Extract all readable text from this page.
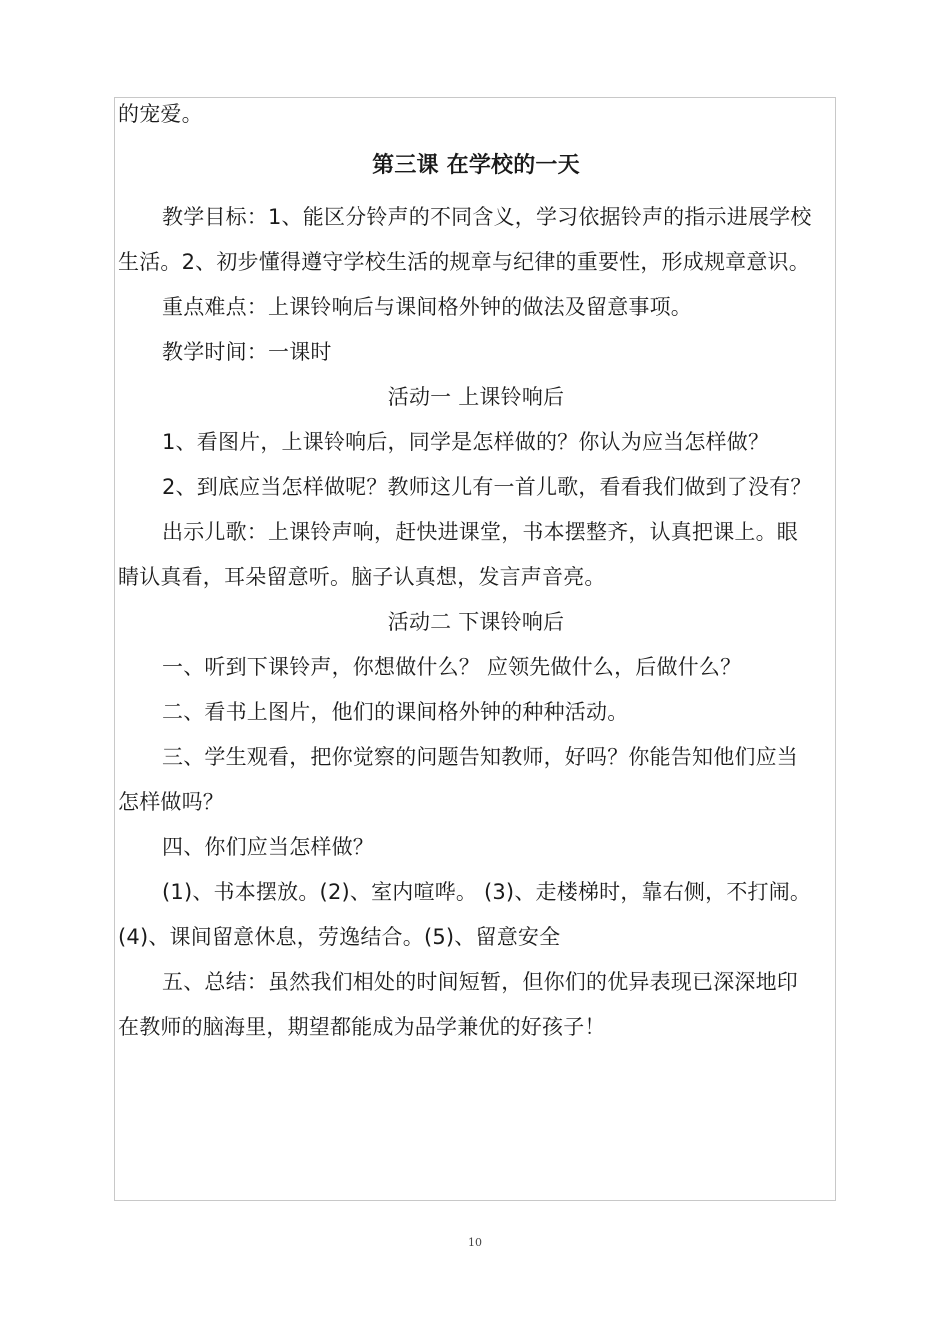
的宠爱。

第三课 在学校的一天

教学目标：1、能区分铃声的不同含义，学习依据铃声的指示进展学校

生活。2、初步懂得遵守学校生活的规章与纪律的重要性，形成规章意识。

重点难点：上课铃响后与课间格外钟的做法及留意事项。

教学时间：一课时

活动一 上课铃响后

1、看图片，上课铃响后，同学是怎样做的？你认为应当怎样做？

2、到底应当怎样做呢？教师这儿有一首儿歌，看看我们做到了没有？

出示儿歌：上课铃声响，赶快进课堂，书本摆整齐，认真把课上。眼

睛认真看，耳朵留意听。脑子认真想，发言声音亮。

活动二 下课铃响后

一、听到下课铃声，你想做什么？ 应领先做什么，后做什么？

二、看书上图片，他们的课间格外钟的种种活动。

三、学生观看，把你觉察的问题告知教师，好吗？你能告知他们应当

怎样做吗？

四、你们应当怎样做？

(1)、书本摆放。(2)、室内喧哗。 (3)、走楼梯时，靠右侧，不打闹。

(4)、课间留意休息，劳逸结合。(5)、留意安全

五、总结：虽然我们相处的时间短暂，但你们的优异表现已深深地印

在教师的脑海里，期望都能成为品学兼优的好孩子！

10
